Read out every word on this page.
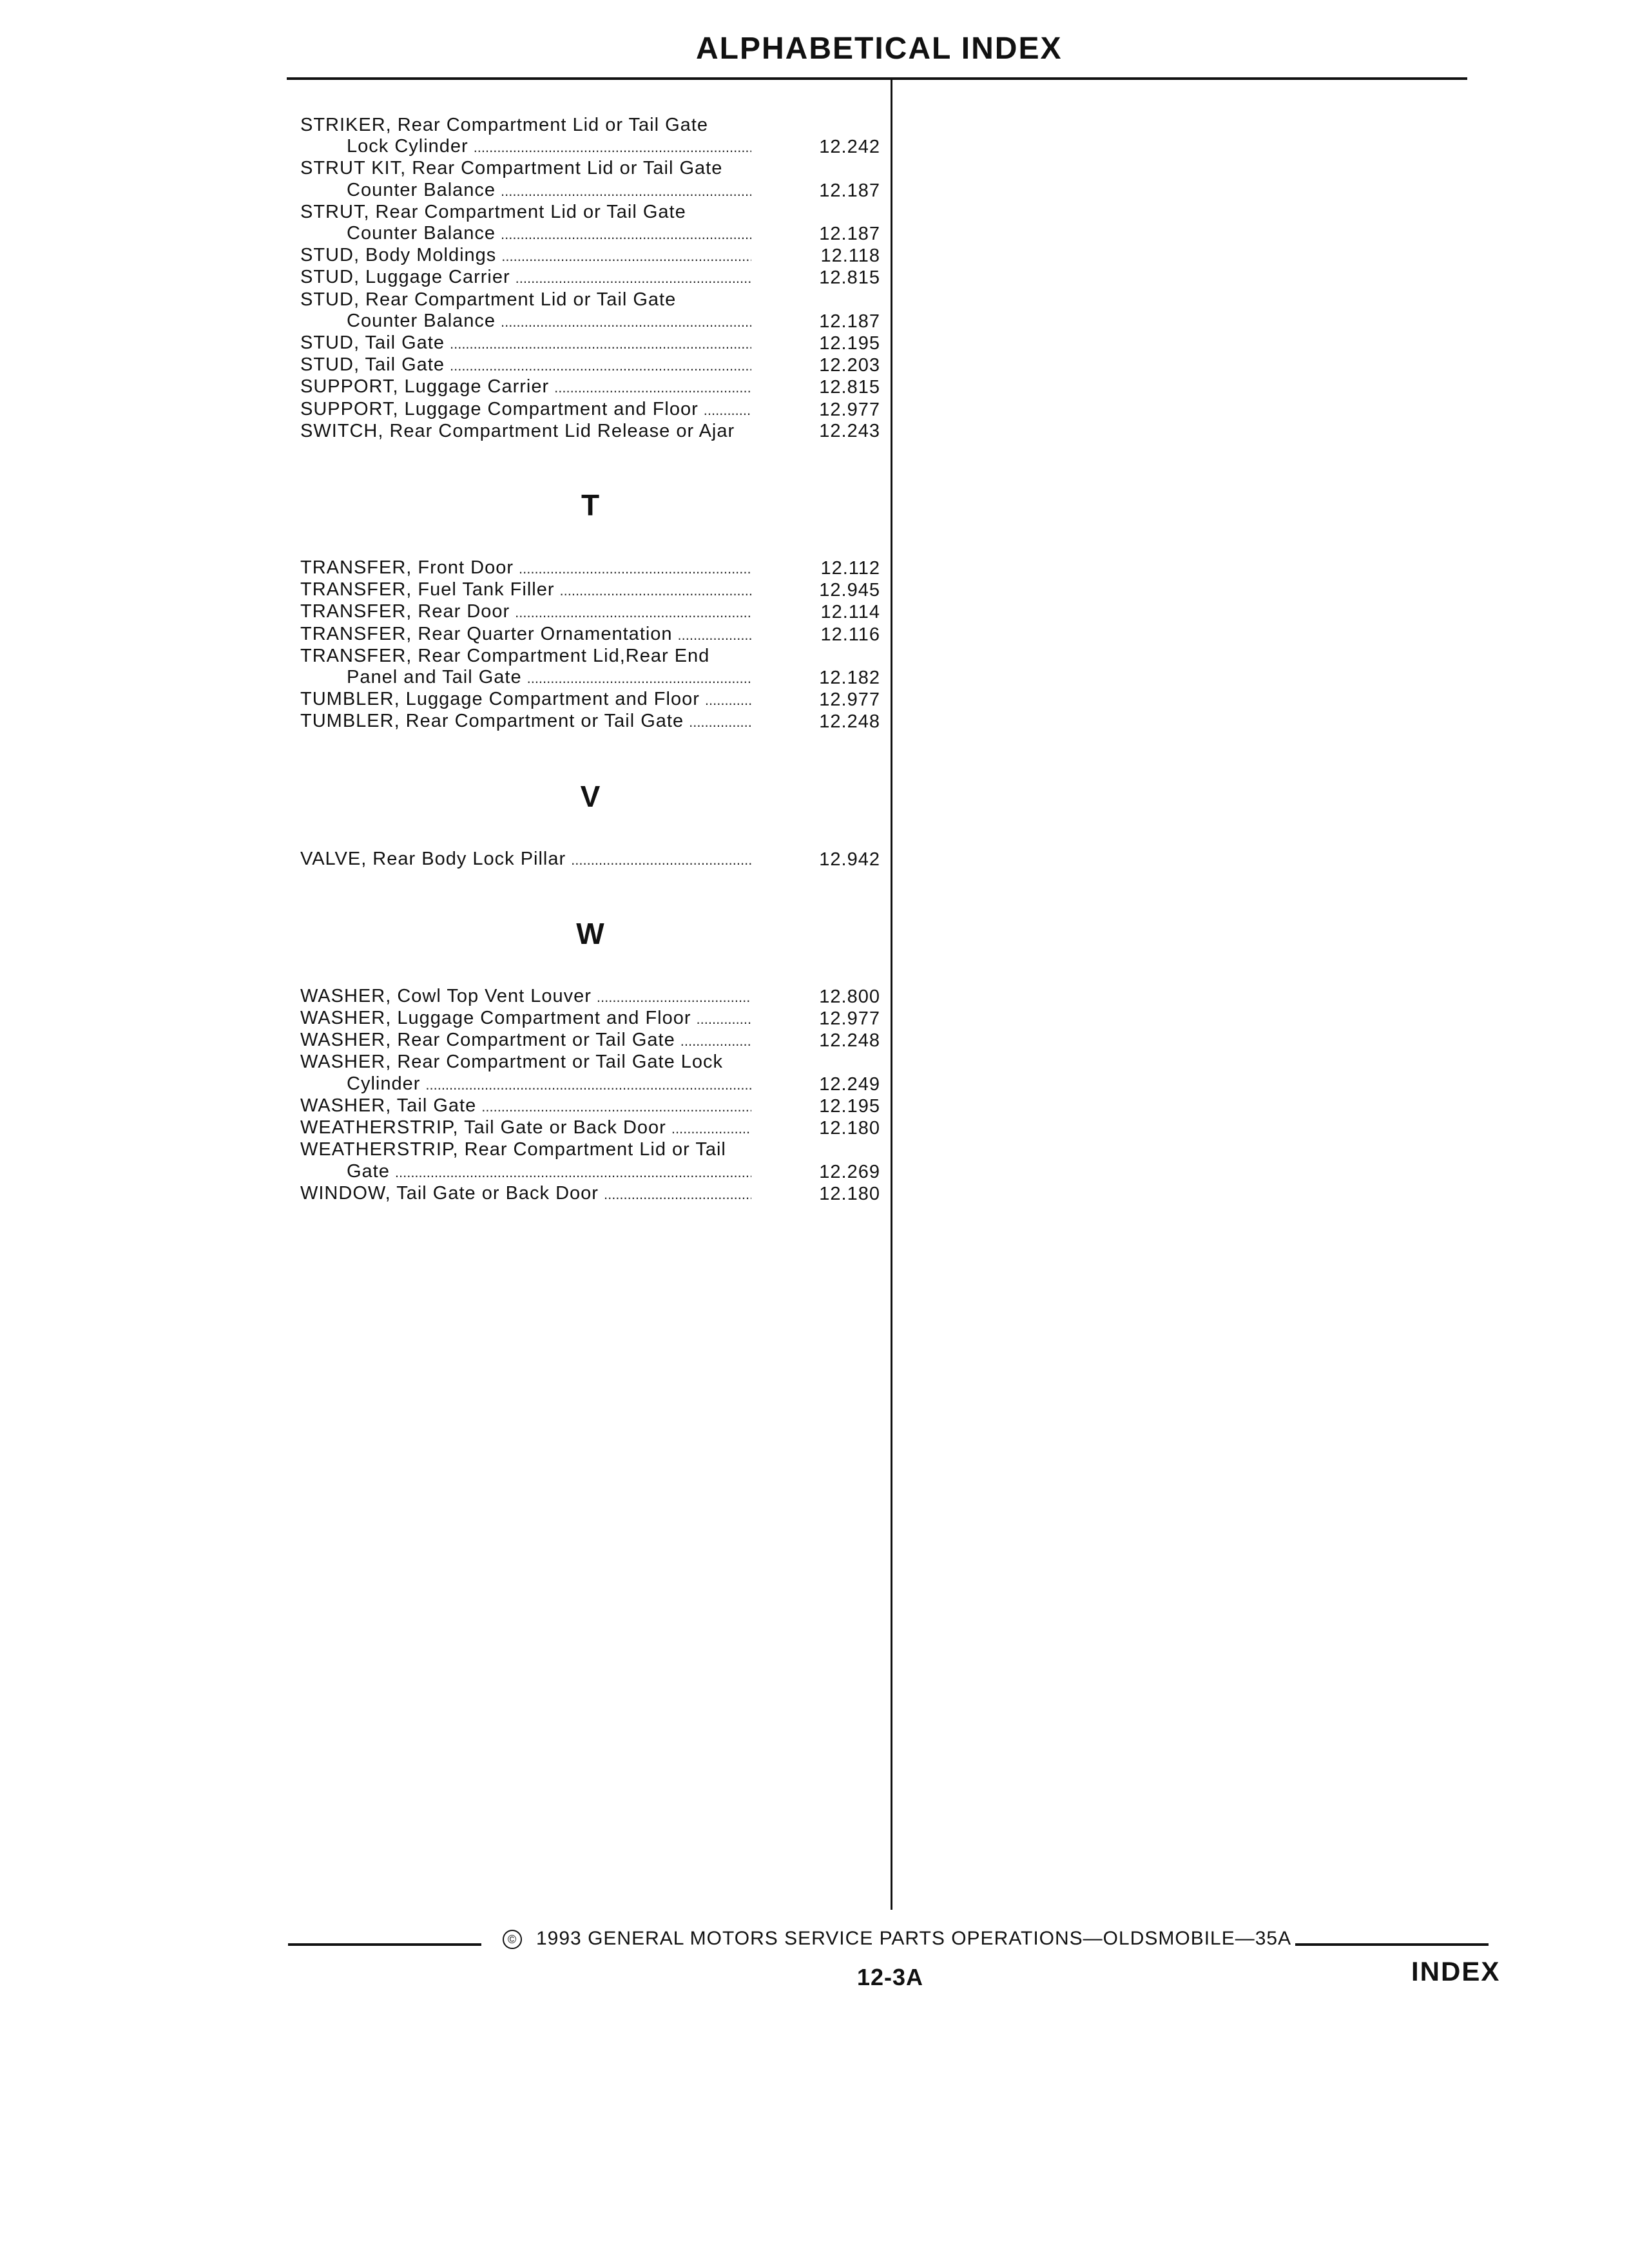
ALPHABETICAL INDEX
STRIKER, Rear Compartment Lid or Tail Gate
Lock Cylinder .....	12.242
STRUT KIT, Rear Compartment Lid or Tail Gate
Counter Balance .....	12.187
STRUT, Rear Compartment Lid or Tail Gate
Counter Balance .....	12.187
STUD, Body Moldings .....	12.118
STUD, Luggage Carrier .....	12.815
STUD, Rear Compartment Lid or Tail Gate
Counter Balance .....	12.187
STUD, Tail Gate .....	12.195
STUD, Tail Gate .....	12.203
SUPPORT, Luggage Carrier .....	12.815
SUPPORT, Luggage Compartment and Floor .....	12.977
SWITCH, Rear Compartment Lid Release or Ajar	12.243
T
TRANSFER, Front Door .....	12.112
TRANSFER, Fuel Tank Filler .....	12.945
TRANSFER, Rear Door .....	12.114
TRANSFER, Rear Quarter Ornamentation .....	12.116
TRANSFER, Rear Compartment Lid,Rear End
Panel and Tail Gate .....	12.182
TUMBLER, Luggage Compartment and Floor .....	12.977
TUMBLER, Rear Compartment or Tail Gate .....	12.248
V
VALVE, Rear Body Lock Pillar .....	12.942
W
WASHER, Cowl Top Vent Louver .....	12.800
WASHER, Luggage Compartment and Floor .....	12.977
WASHER, Rear Compartment or Tail Gate .....	12.248
WASHER, Rear Compartment or Tail Gate Lock
Cylinder .....	12.249
WASHER, Tail Gate .....	12.195
WEATHERSTRIP, Tail Gate or Back Door .....	12.180
WEATHERSTRIP, Rear Compartment Lid or Tail
Gate .....	12.269
WINDOW, Tail Gate or Back Door .....	12.180
© 1993 GENERAL MOTORS SERVICE PARTS OPERATIONS—OLDSMOBILE—35A
12-3A	INDEX
